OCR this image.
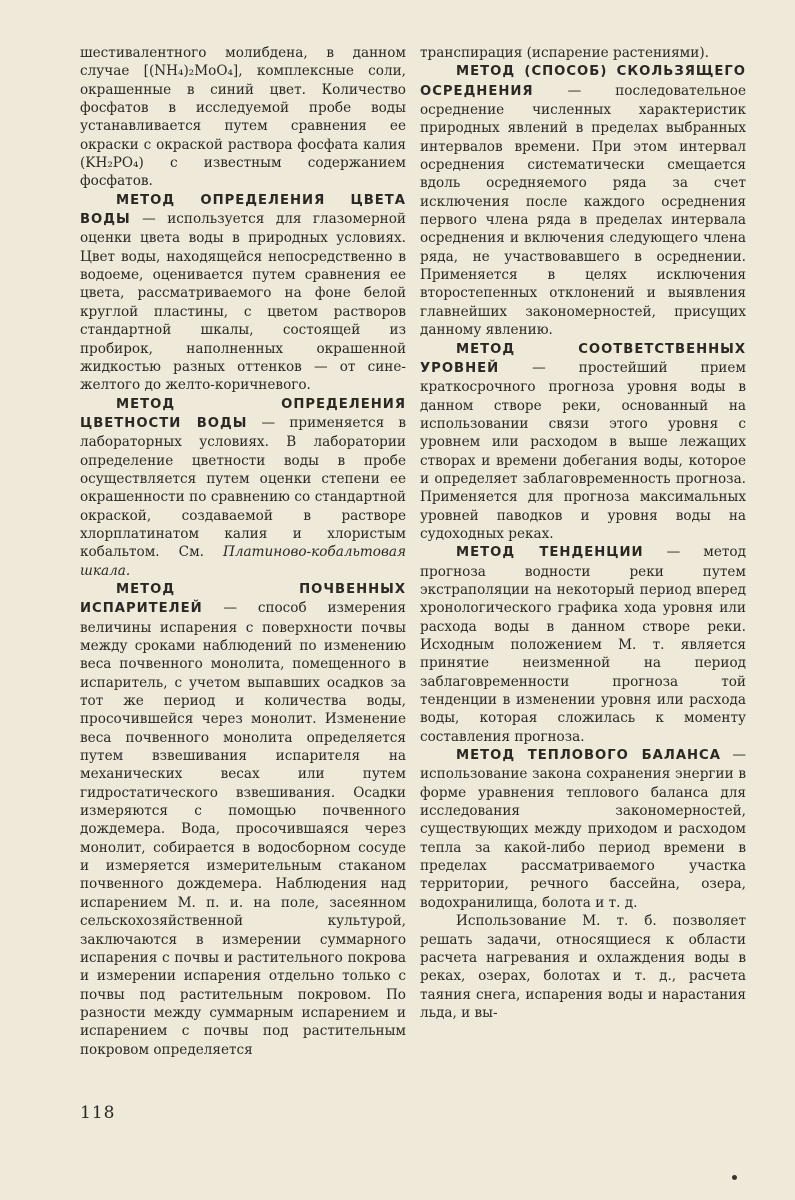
шестивалентного молибдена, в данном случае [(NH₄)₂MoO₄], комплексные соли, окрашенные в синий цвет. Количество фосфатов в исследуемой пробе воды устанавливается путем сравнения ее окраски с окраской раствора фосфата калия (KH₂PO₄) с известным содержанием фосфатов.

МЕТОД ОПРЕДЕЛЕНИЯ ЦВЕТА ВОДЫ — используется для глазомерной оценки цвета воды в природных условиях. Цвет воды, находящейся непосредственно в водоеме, оценивается путем сравнения ее цвета, рассматриваемого на фоне белой круглой пластины, с цветом растворов стандартной шкалы, состоящей из пробирок, наполненных окрашенной жидкостью разных оттенков — от сине-желтого до желто-коричневого.

МЕТОД ОПРЕДЕЛЕНИЯ ЦВЕТНОСТИ ВОДЫ — применяется в лабораторных условиях. В лаборатории определение цветности воды в пробе осуществляется путем оценки степени ее окрашенности по сравнению со стандартной окраской, создаваемой в растворе хлорплатинатом калия и хлористым кобальтом. См. Платиново-кобальтовая шкала.

МЕТОД ПОЧВЕННЫХ ИСПАРИТЕЛЕЙ — способ измерения величины испарения с поверхности почвы между сроками наблюдений по изменению веса почвенного монолита, помещенного в испаритель, с учетом выпавших осадков за тот же период и количества воды, просочившейся через монолит. Изменение веса почвенного монолита определяется путем взвешивания испарителя на механических весах или путем гидростатического взвешивания. Осадки измеряются с помощью почвенного дождемера. Вода, просочившаяся через монолит, собирается в водосборном сосуде и измеряется измерительным стаканом почвенного дождемера. Наблюдения над испарением М. п. и. на поле, засеянном сельскохозяйственной культурой, заключаются в измерении суммарного испарения с почвы и растительного покрова и измерении испарения отдельно только с почвы под растительным покровом. По разности между суммарным испарением и испарением с почвы под растительным покровом определяется

транспирация (испарение растениями).

МЕТОД (СПОСОБ) СКОЛЬЗЯЩЕГО ОСРЕДНЕНИЯ — последовательное осреднение численных характеристик природных явлений в пределах выбранных интервалов времени. При этом интервал осреднения систематически смещается вдоль осредняемого ряда за счет исключения после каждого осреднения первого члена ряда в пределах интервала осреднения и включения следующего члена ряда, не участвовавшего в осреднении. Применяется в целях исключения второстепенных отклонений и выявления главнейших закономерностей, присущих данному явлению.

МЕТОД СООТВЕТСТВЕННЫХ УРОВНЕЙ — простейший прием краткосрочного прогноза уровня воды в данном створе реки, основанный на использовании связи этого уровня с уровнем или расходом в выше лежащих створах и времени добегания воды, которое и определяет заблаговременность прогноза. Применяется для прогноза максимальных уровней паводков и уровня воды на судоходных реках.

МЕТОД ТЕНДЕНЦИИ — метод прогноза водности реки путем экстраполяции на некоторый период вперед хронологического графика хода уровня или расхода воды в данном створе реки. Исходным положением М. т. является принятие неизменной на период заблаговременности прогноза той тенденции в изменении уровня или расхода воды, которая сложилась к моменту составления прогноза.

МЕТОД ТЕПЛОВОГО БАЛАНСА — использование закона сохранения энергии в форме уравнения теплового баланса для исследования закономерностей, существующих между приходом и расходом тепла за какой-либо период времени в пределах рассматриваемого участка территории, речного бассейна, озера, водохранилища, болота и т. д.

Использование М. т. б. позволяет решать задачи, относящиеся к области расчета нагревания и охлаждения воды в реках, озерах, болотах и т. д., расчета таяния снега, испарения воды и нарастания льда, и вы-

118
